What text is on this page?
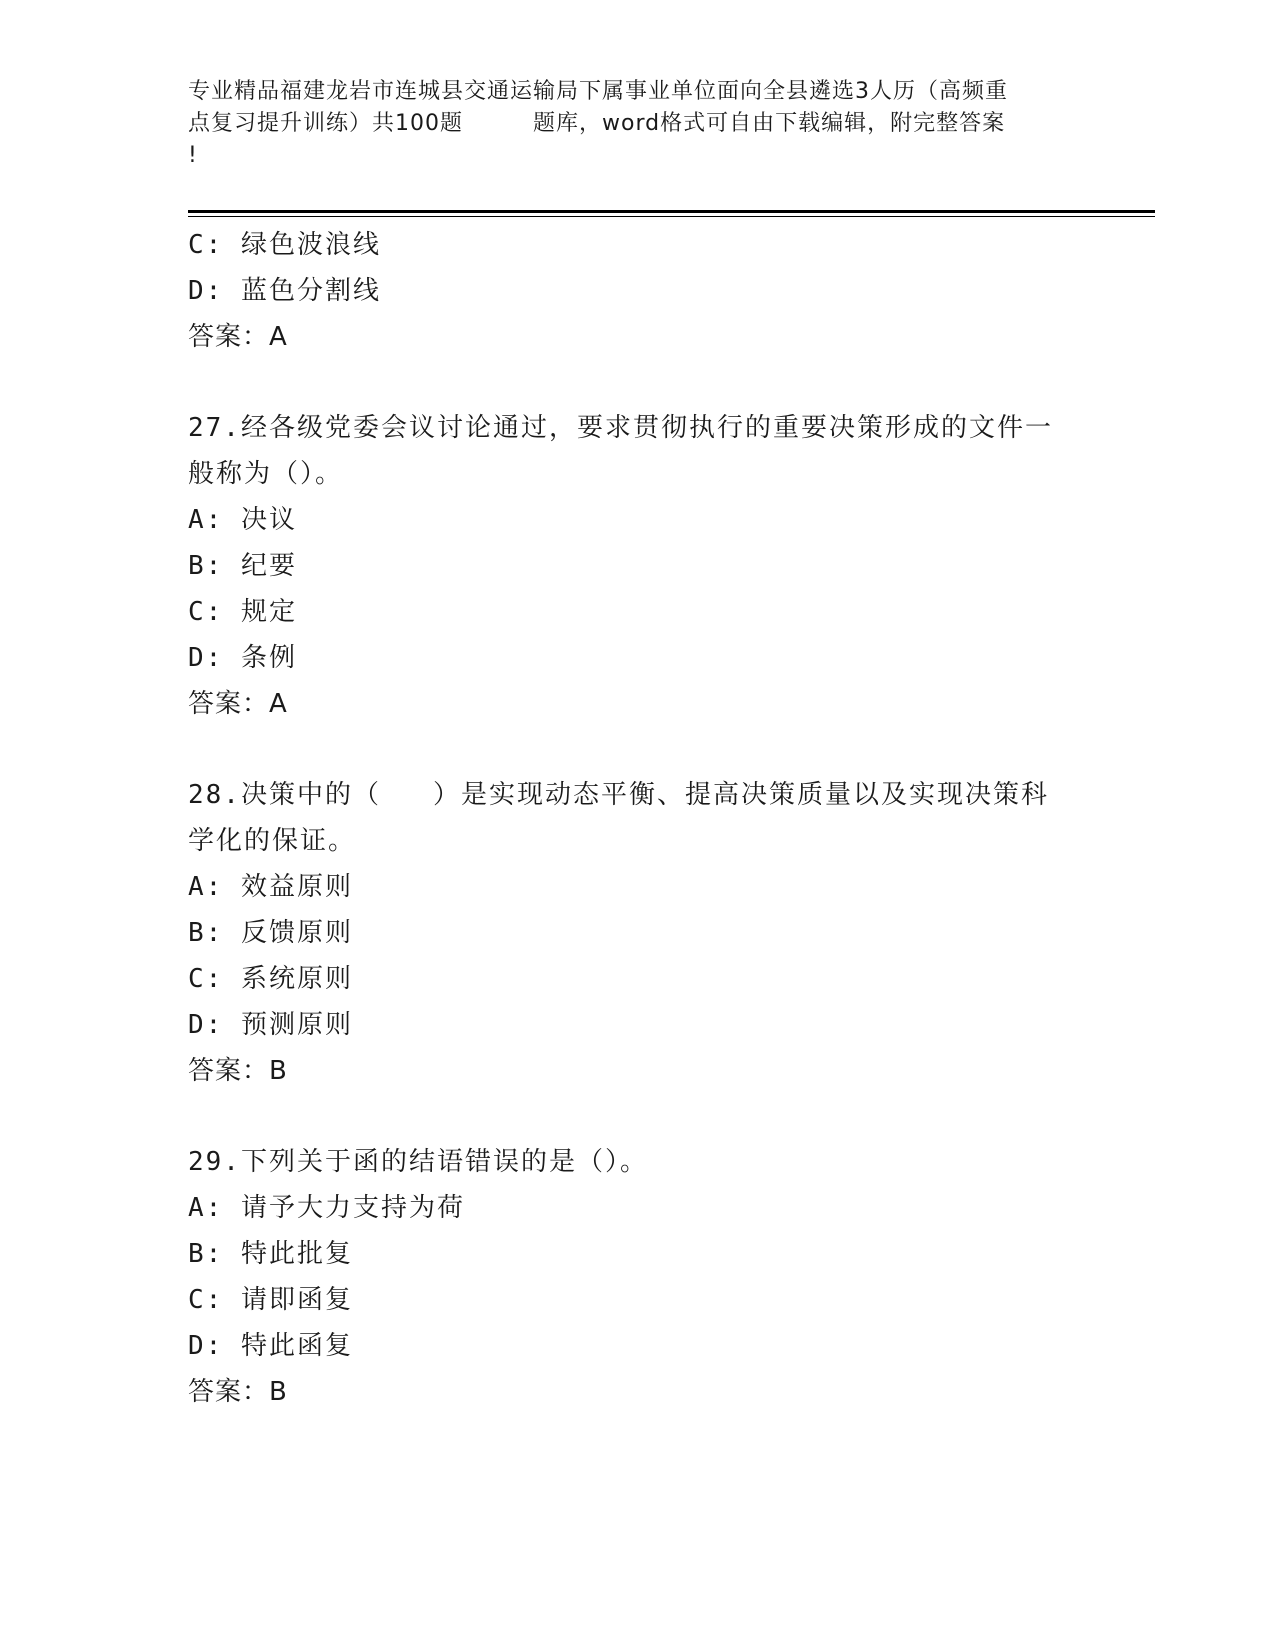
专业精品福建龙岩市连城县交通运输局下属事业单位面向全县遴选3人历（高频重
点复习提升训练）共100题	题库，word格式可自由下载编辑，附完整答案
!
C: 绿色波浪线
D: 蓝色分割线
答案：A
27.经各级党委会议讨论通过，要求贯彻执行的重要决策形成的文件一
般称为（）。
A: 决议
B: 纪要
C: 规定
D: 条例
答案：A
28.决策中的（ ）是实现动态平衡、提高决策质量以及实现决策科
学化的保证。
A: 效益原则
B: 反馈原则
C: 系统原则
D: 预测原则
答案：B
29.下列关于函的结语错误的是（）。
A: 请予大力支持为荷
B: 特此批复
C: 请即函复
D: 特此函复
答案：B
